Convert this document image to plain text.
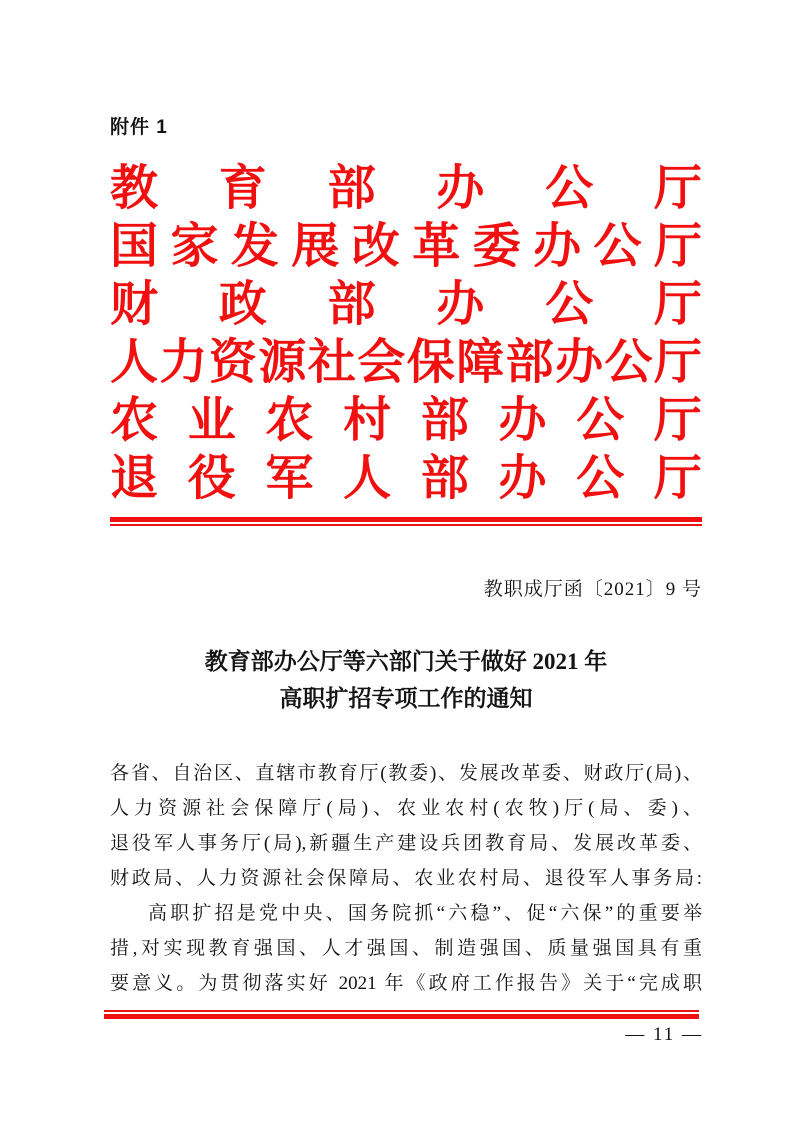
附件 1
教 育 部 办 公 厅
国 家 发 展 改 革 委 办 公 厅
财 政 部 办 公 厅
人 力 资 源 社 会 保 障 部 办 公 厅
农 业 农 村 部 办 公 厅
退 役 军 人 部 办 公 厅
教职成厅函〔2021〕9 号
教育部办公厅等六部门关于做好 2021 年
高职扩招专项工作的通知
各省、自治区、直辖市教育厅(教委)、发展改革委、财政厅(局)、
人力资源社会保障厅(局)、农业农村(农牧)厅(局、委)、
退役军人事务厅(局),新疆生产建设兵团教育局、发展改革委、
财政局、人力资源社会保障局、农业农村局、退役军人事务局:
高职扩招是党中央、国务院抓“六稳”、促“六保”的重要举
措,对实现教育强国、人才强国、制造强国、质量强国具有重
要意义。为贯彻落实好 2021 年《政府工作报告》关于“完成职
— 11 —
